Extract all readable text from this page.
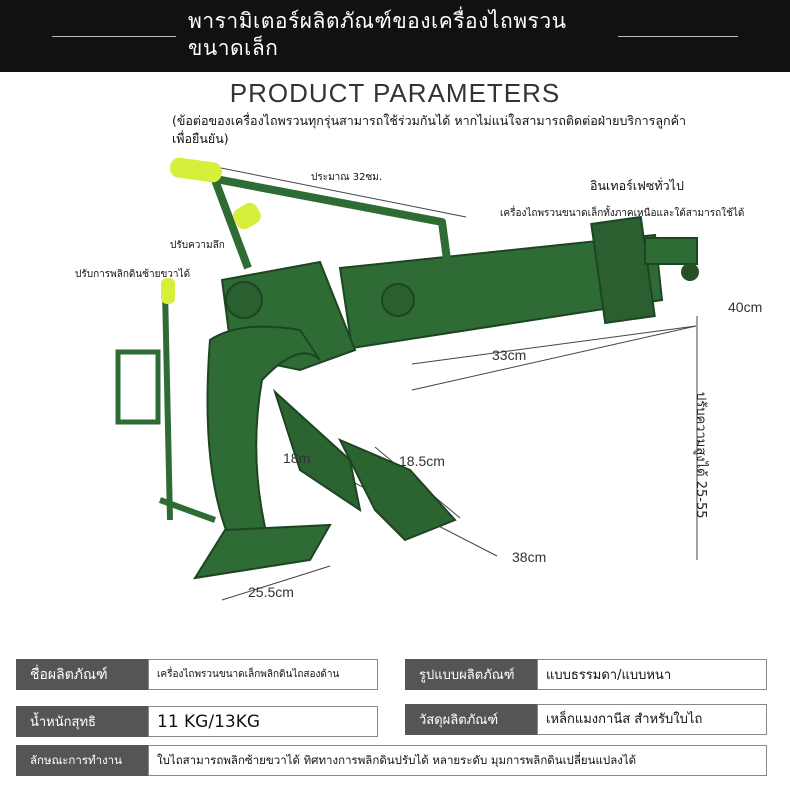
พารามิเตอร์ผลิตภัณฑ์ของเครื่องไถพรวน ขนาดเล็ก
PRODUCT PARAMETERS
(ข้อต่อของเครื่องไถพรวนทุกรุ่นสามารถใช้ร่วมกันได้ หากไม่แน่ใจสามารถติดต่อฝ่ายบริการลูกค้าเพื่อยืนยัน)
ประมาณ 32ซม.
อินเทอร์เฟซทั่วไป
เครื่องไถพรวนขนาดเล็กทั้งภาคเหนือและใต้สามารถใช้ได้
ปรับความลึก
ปรับการพลิกดินซ้ายขวาได้
ปรับความสูงได้ 25-55
40cm
33cm
18m	18.5cm
38cm
25.5cm
ชื่อผลิตภัณฑ์	เครื่องไถพรวนขนาดเล็กพลิกดินไถสองด้าน	รูปแบบผลิตภัณฑ์	แบบธรรมดา/แบบหนา
น้ำหนักสุทธิ	11 KG/13KG	วัสดุผลิตภัณฑ์	เหล็กแมงกานีส สำหรับใบไถ
ลักษณะการทำงาน	ใบไถสามารถพลิกซ้ายขวาได้ ทิศทางการพลิกดินปรับได้ หลายระดับ มุมการพลิกดินเปลี่ยนแปลงได้
